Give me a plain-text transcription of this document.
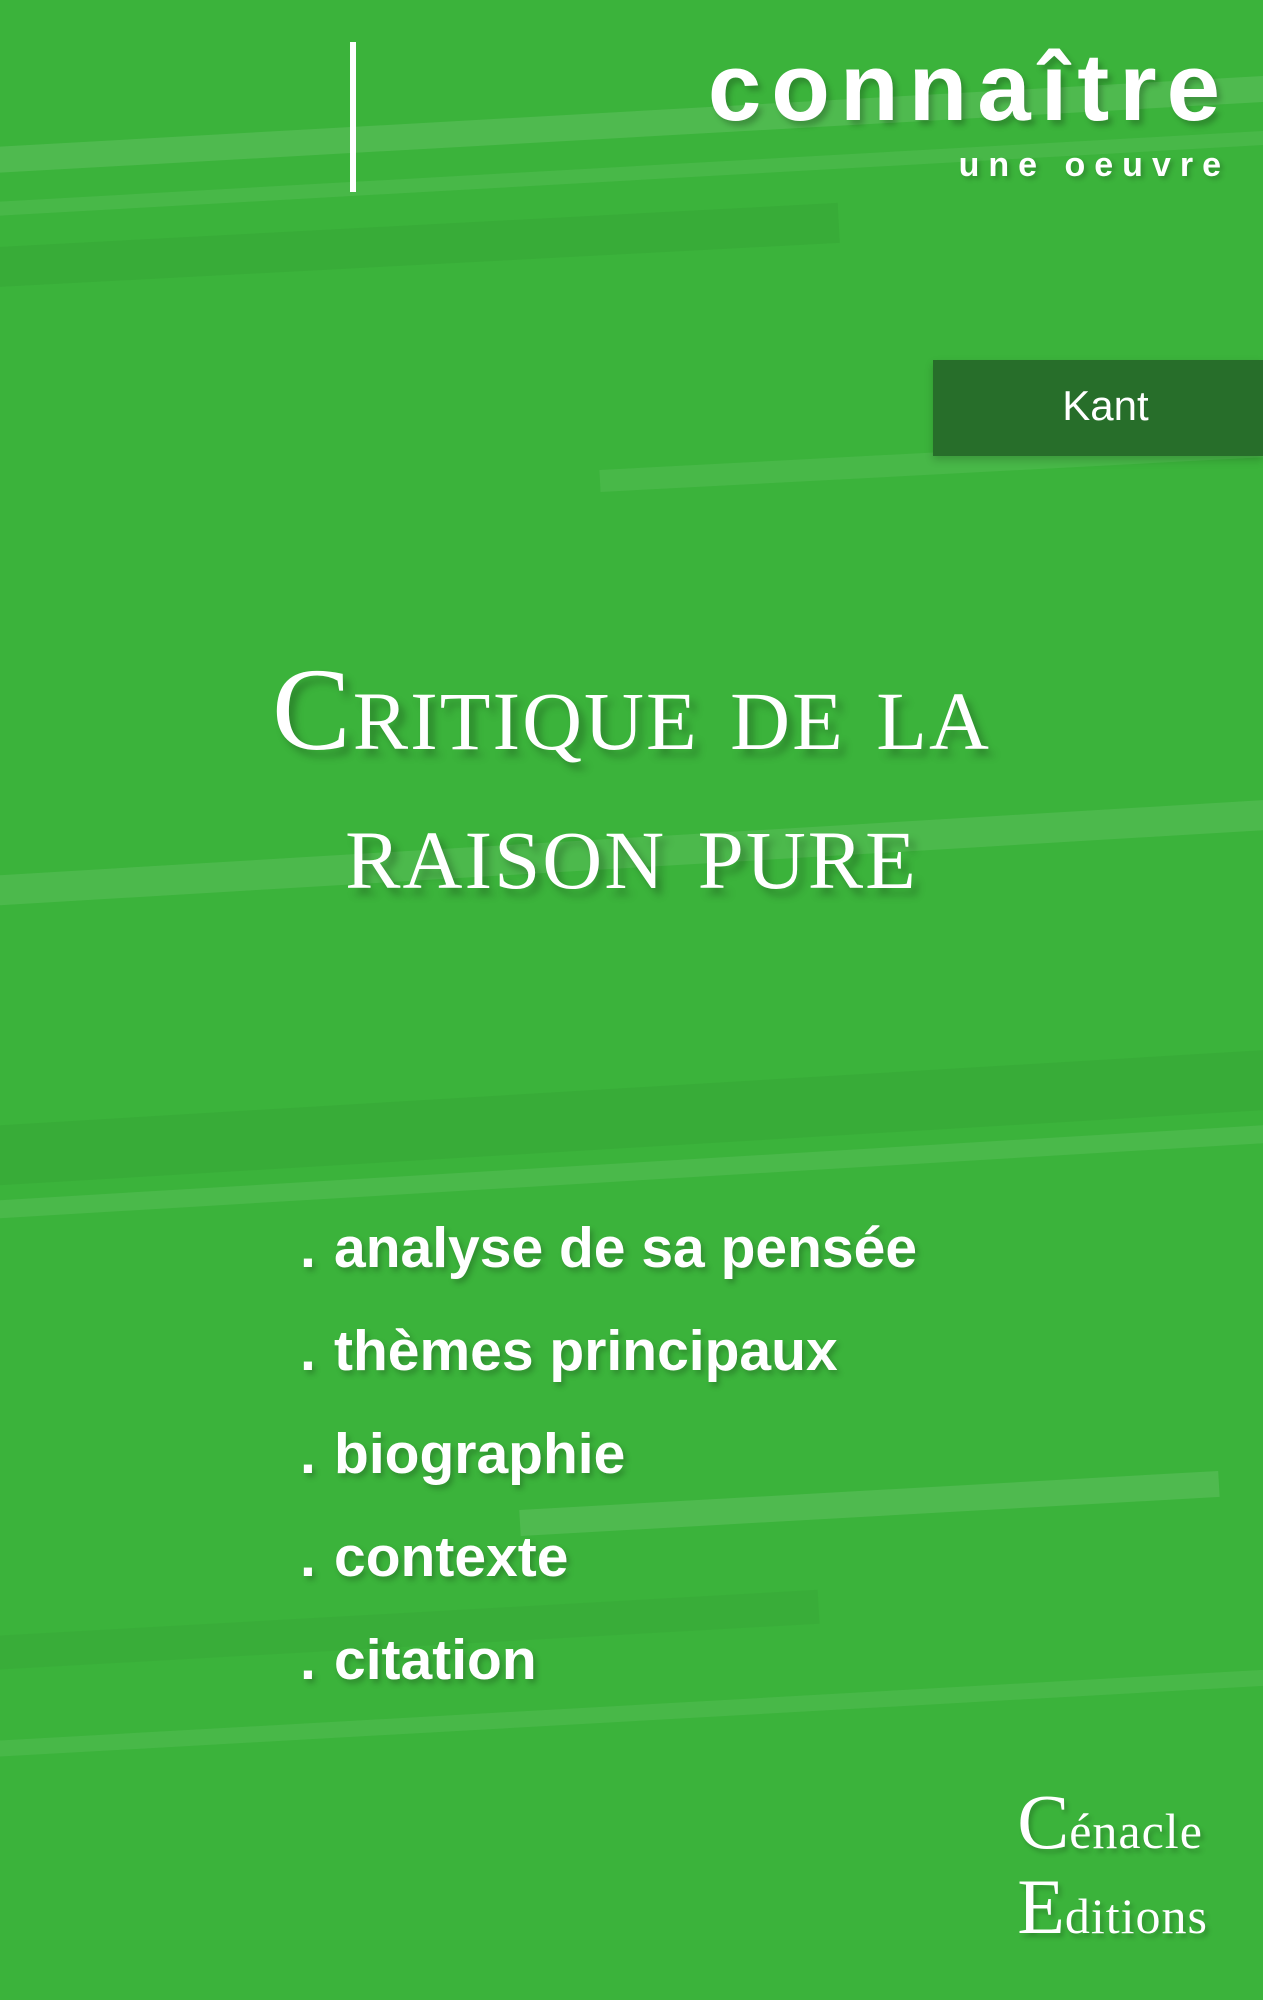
connaître
une oeuvre
Kant
Critique de la
raison pure
. analyse de sa pensée
. thèmes principaux
. biographie
. contexte
. citation
C énacle
E ditions
